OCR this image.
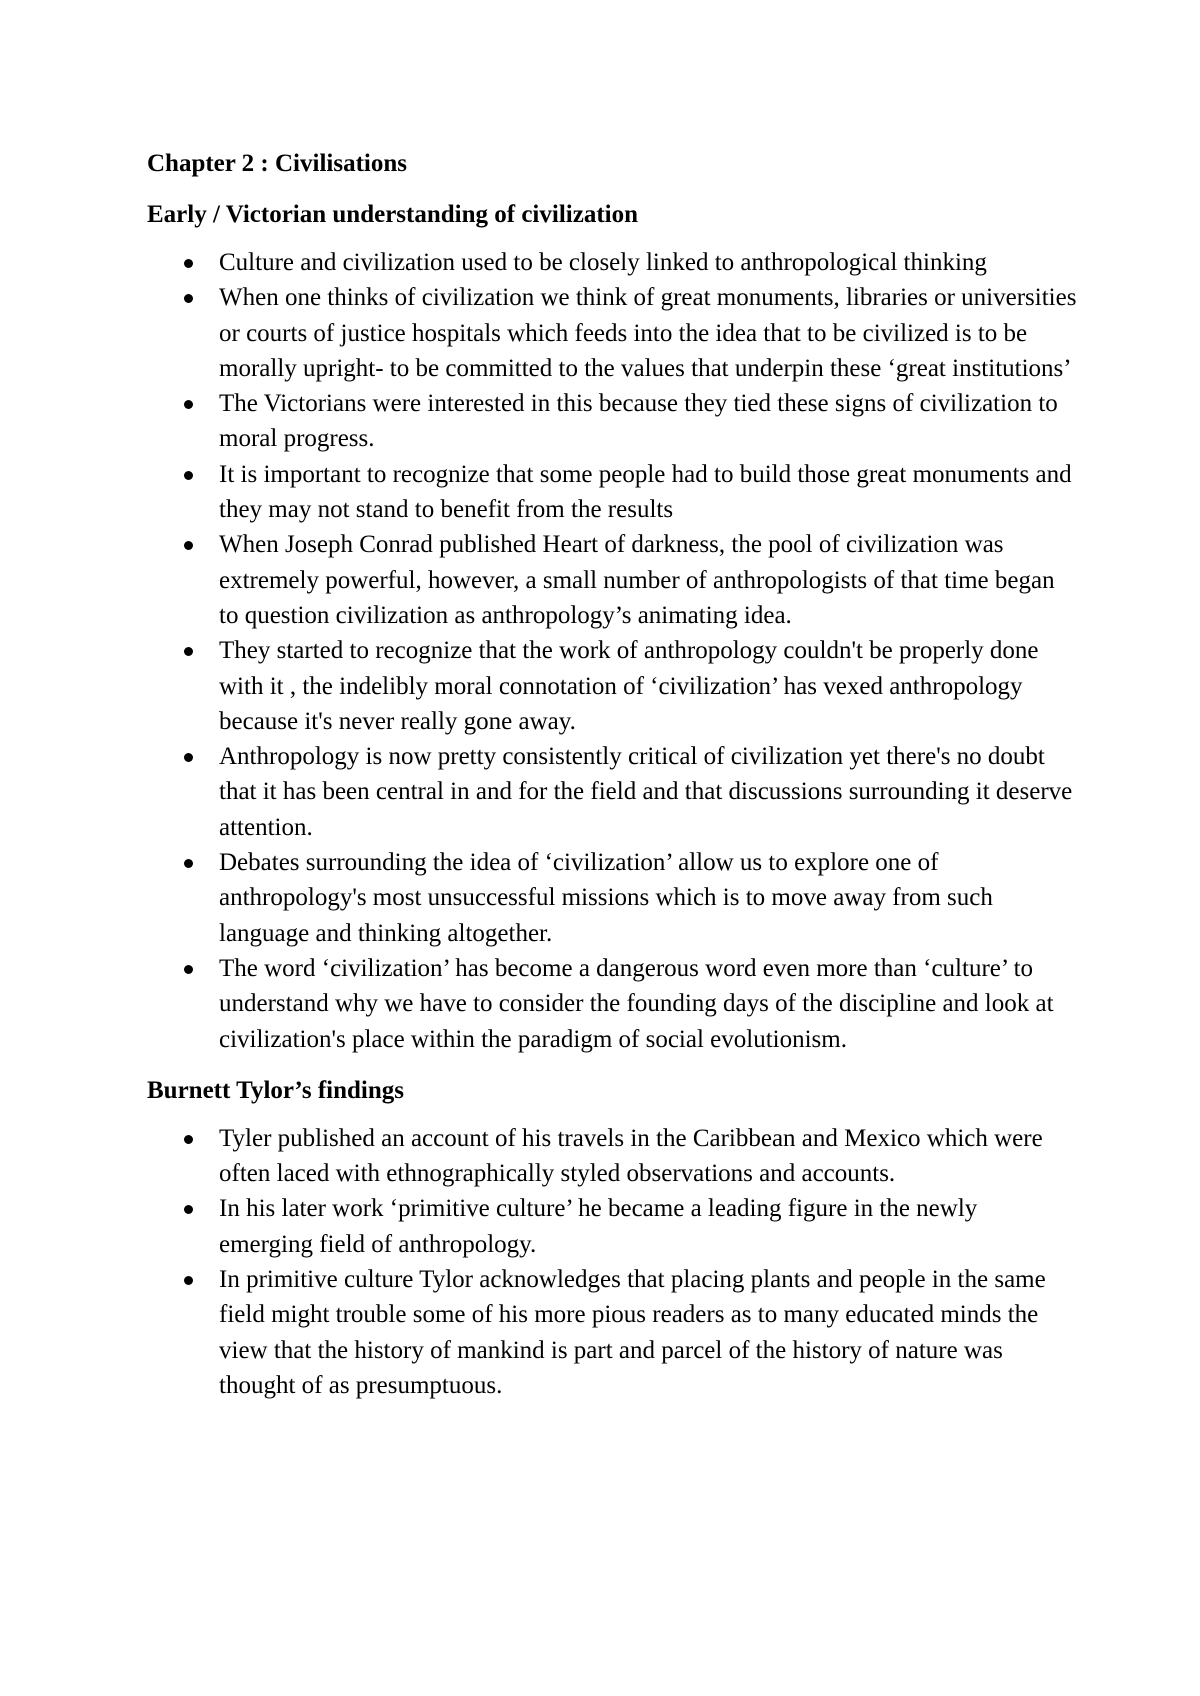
Chapter 2 : Civilisations
Early / Victorian understanding of civilization
Culture and civilization used to be closely linked to anthropological thinking
When one thinks of civilization we think of great monuments, libraries or universities or courts of justice hospitals which feeds into the idea that to be civilized is to be morally upright- to be committed to the values that underpin these ‘great institutions’
The Victorians were interested in this because they tied these signs of civilization to moral progress.
It is important to recognize that some people had to build those great monuments and they may not stand to benefit from the results
When Joseph Conrad published Heart of darkness, the pool of civilization was extremely powerful, however, a small number of anthropologists of that time began to question civilization as anthropology’s animating idea.
They started to recognize that the work of anthropology couldn't be properly done with it , the indelibly moral connotation of ‘civilization’ has vexed anthropology because it's never really gone away.
Anthropology is now pretty consistently critical of civilization yet there's no doubt that it has been central in and for the field and that discussions surrounding it deserve attention.
Debates surrounding the idea of ‘civilization’ allow us to explore one of anthropology's most unsuccessful missions which is to move away from such language and thinking altogether.
The word ‘civilization’ has become a dangerous word even more than ‘culture’ to understand why we have to consider the founding days of the discipline and look at civilization's place within the paradigm of social evolutionism.
Burnett Tylor’s findings
Tyler published an account of his travels in the Caribbean and Mexico which were often laced with ethnographically styled observations and accounts.
In his later work ‘primitive culture’ he became a leading figure in the newly emerging field of anthropology.
In primitive culture Tylor acknowledges that placing plants and people in the same field might trouble some of his more pious readers as to many educated minds the view that the history of mankind is part and parcel of the history of nature was thought of as presumptuous.
